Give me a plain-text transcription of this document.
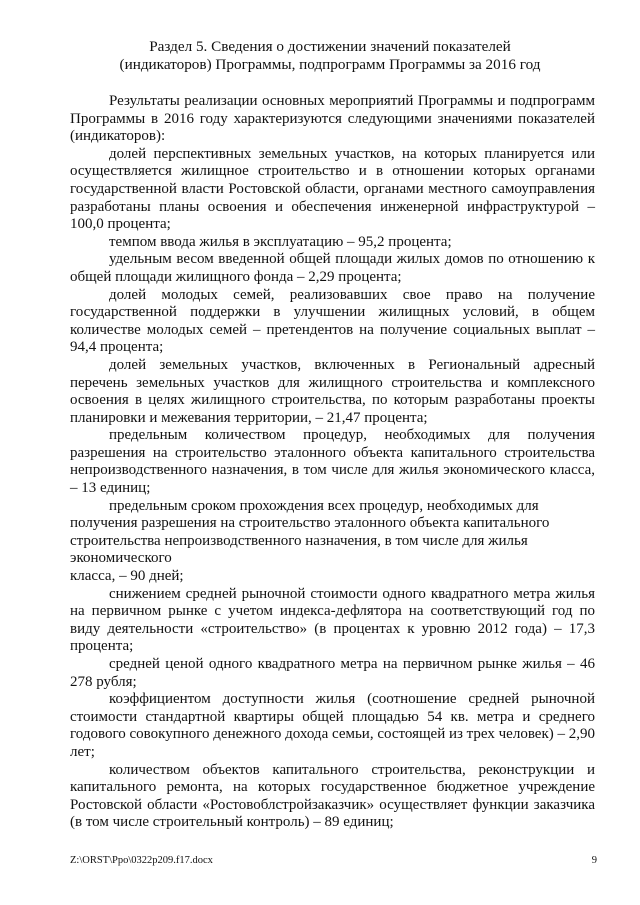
Раздел 5. Сведения о достижении значений показателей
(индикаторов) Программы, подпрограмм Программы за 2016 год

Результаты реализации основных мероприятий Программы и подпрограмм Программы в 2016 году характеризуются следующими значениями показателей (индикаторов):

долей перспективных земельных участков, на которых планируется или осуществляется жилищное строительство и в отношении которых органами государственной власти Ростовской области, органами местного самоуправления разработаны планы освоения и обеспечения инженерной инфраструктурой – 100,0 процента;

темпом ввода жилья в эксплуатацию – 95,2 процента;

удельным весом введенной общей площади жилых домов по отношению к общей площади жилищного фонда – 2,29 процента;

долей молодых семей, реализовавших свое право на получение государственной поддержки в улучшении жилищных условий, в общем количестве молодых семей – претендентов на получение социальных выплат – 94,4 процента;

долей земельных участков, включенных в Региональный адресный перечень земельных участков для жилищного строительства и комплексного освоения в целях жилищного строительства, по которым разработаны проекты планировки и межевания территории, – 21,47 процента;

предельным количеством процедур, необходимых для получения разрешения на строительство эталонного объекта капитального строительства непроизводственного назначения, в том числе для жилья экономического класса, – 13 единиц;

предельным сроком прохождения всех процедур, необходимых для получения разрешения на строительство эталонного объекта капитального строительства непроизводственного назначения, в том числе для жилья экономического

класса, – 90 дней;

снижением средней рыночной стоимости одного квадратного метра жилья на первичном рынке с учетом индекса-дефлятора на соответствующий год по виду деятельности «строительство» (в процентах к уровню 2012 года) – 17,3 процента;

средней ценой одного квадратного метра на первичном рынке жилья – 46 278 рубля;

коэффициентом доступности жилья (соотношение средней рыночной стоимости стандартной квартиры общей площадью 54 кв. метра и среднего годового совокупного денежного дохода семьи, состоящей из трех человек) – 2,90 лет;

количеством объектов капитального строительства, реконструкции и капитального ремонта, на которых государственное бюджетное учреждение Ростовской области «Ростовоблстройзаказчик» осуществляет функции заказчика (в том числе строительный контроль) – 89 единиц;

Z:\ORST\Ppo\0322p209.f17.docx	9
